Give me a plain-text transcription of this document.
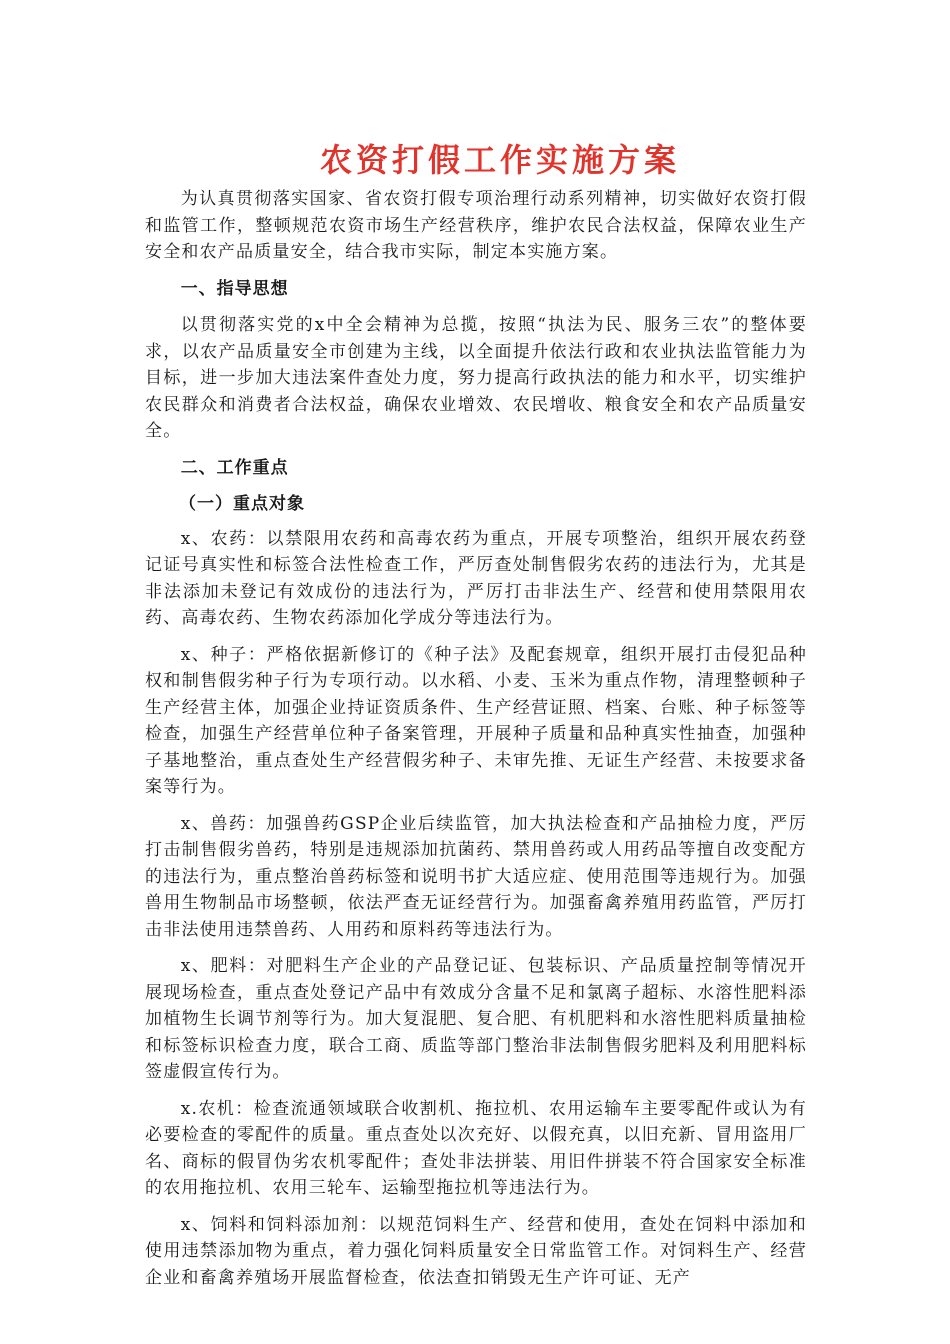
农资打假工作实施方案

为认真贯彻落实国家、省农资打假专项治理行动系列精神，切实做好农资打假和监管工作，整顿规范农资市场生产经营秩序，维护农民合法权益，保障农业生产安全和农产品质量安全，结合我市实际，制定本实施方案。

一、指导思想

以贯彻落实党的x中全会精神为总揽，按照“执法为民、服务三农”的整体要求，以农产品质量安全市创建为主线，以全面提升依法行政和农业执法监管能力为目标，进一步加大违法案件查处力度，努力提高行政执法的能力和水平，切实维护农民群众和消费者合法权益，确保农业增效、农民增收、粮食安全和农产品质量安全。

二、工作重点

（一）重点对象

x、农药：以禁限用农药和高毒农药为重点，开展专项整治，组织开展农药登记证号真实性和标签合法性检查工作，严厉查处制售假劣农药的违法行为，尤其是非法添加未登记有效成份的违法行为，严厉打击非法生产、经营和使用禁限用农药、高毒农药、生物农药添加化学成分等违法行为。

x、种子：严格依据新修订的《种子法》及配套规章，组织开展打击侵犯品种权和制售假劣种子行为专项行动。以水稻、小麦、玉米为重点作物，清理整顿种子生产经营主体，加强企业持证资质条件、生产经营证照、档案、台账、种子标签等检查，加强生产经营单位种子备案管理，开展种子质量和品种真实性抽查，加强种子基地整治，重点查处生产经营假劣种子、未审先推、无证生产经营、未按要求备案等行为。

x、兽药：加强兽药GSP企业后续监管，加大执法检查和产品抽检力度，严厉打击制售假劣兽药，特别是违规添加抗菌药、禁用兽药或人用药品等擅自改变配方的违法行为，重点整治兽药标签和说明书扩大适应症、使用范围等违规行为。加强兽用生物制品市场整顿，依法严查无证经营行为。加强畜禽养殖用药监管，严厉打击非法使用违禁兽药、人用药和原料药等违法行为。

x、肥料：对肥料生产企业的产品登记证、包装标识、产品质量控制等情况开展现场检查，重点查处登记产品中有效成分含量不足和氯离子超标、水溶性肥料添加植物生长调节剂等行为。加大复混肥、复合肥、有机肥料和水溶性肥料质量抽检和标签标识检查力度，联合工商、质监等部门整治非法制售假劣肥料及利用肥料标签虚假宣传行为。

x.农机：检查流通领域联合收割机、拖拉机、农用运输车主要零配件或认为有必要检查的零配件的质量。重点查处以次充好、以假充真，以旧充新、冒用盗用厂名、商标的假冒伪劣农机零配件；查处非法拼装、用旧件拼装不符合国家安全标准的农用拖拉机、农用三轮车、运输型拖拉机等违法行为。

x、饲料和饲料添加剂：以规范饲料生产、经营和使用，查处在饲料中添加和使用违禁添加物为重点，着力强化饲料质量安全日常监管工作。对饲料生产、经营企业和畜禽养殖场开展监督检查，依法查扣销毁无生产许可证、无产
